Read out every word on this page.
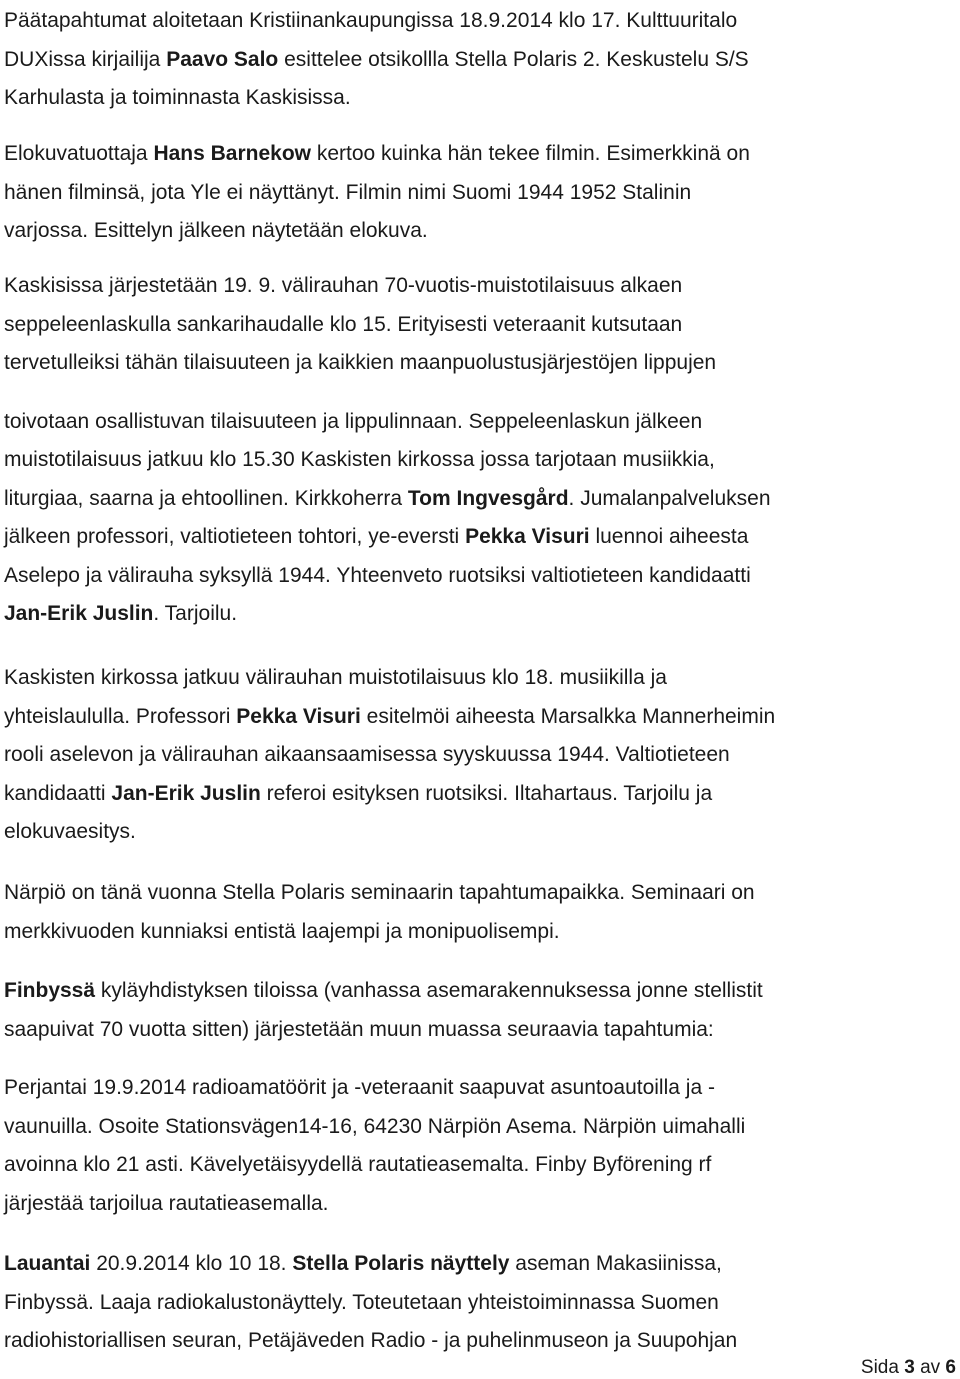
Päätapahtumat aloitetaan Kristiinankaupungissa 18.9.2014 klo 17. Kulttuuritalo
DUXissa kirjailija Paavo Salo esittelee otsikollla Stella Polaris 2. Keskustelu S/S
Karhulasta ja toiminnasta Kaskisissa.

Elokuvatuottaja Hans Barnekow kertoo kuinka hän tekee filmin. Esimerkkinä on
hänen filminsä, jota Yle ei näyttänyt. Filmin nimi Suomi 1944 1952 Stalinin
varjossa. Esittelyn jälkeen näytetään elokuva.

Kaskisissa järjestetään 19. 9. välirauhan 70-vuotis-muistotilaisuus alkaen
seppeleenlaskulla sankarihaudalle klo 15. Erityisesti veteraanit kutsutaan
tervetulleiksi tähän tilaisuuteen ja kaikkien maanpuolustusjärjestöjen lippujen
toivotaan osallistuvan tilaisuuteen ja lippulinnaan. Seppeleenlaskun jälkeen
muistotilaisuus jatkuu klo 15.30 Kaskisten kirkossa jossa tarjotaan musiikkia,
liturgiaa, saarna ja ehtoollinen. Kirkkoherra Tom Ingvesgård. Jumalanpalveluksen
jälkeen professori, valtiotieteen tohtori, ye-eversti Pekka Visuri luennoi aiheesta
Aselepo ja välirauha syksyllä 1944. Yhteenveto ruotsiksi valtiotieteen kandidaatti
Jan-Erik Juslin. Tarjoilu.

Kaskisten kirkossa jatkuu välirauhan muistotilaisuus klo 18. musiikilla ja
yhteislaululla. Professori Pekka Visuri esitelmöi aiheesta Marsalkka Mannerheimin
rooli aselevon ja välirauhan aikaansaamisessa syyskuussa 1944. Valtiotieteen
kandidaatti Jan-Erik Juslin referoi esityksen ruotsiksi. Iltahartaus. Tarjoilu ja
elokuvaesitys.

Närpiö on tänä vuonna Stella Polaris seminaarin tapahtumapaikka. Seminaari on
merkkivuoden kunniaksi entistä laajempi ja monipuolisempi.

Finbyssä kyläyhdistyksen tiloissa (vanhassa asemarakennuksessa jonne stellistit
saapuivat 70 vuotta sitten) järjestetään muun muassa seuraavia tapahtumia:

Perjantai 19.9.2014 radioamatöörit ja -veteraanit saapuvat asuntoautoilla ja -
vaunuilla. Osoite Stationsvägen14-16, 64230 Närpiön Asema. Närpiön uimahalli
avoinna klo 21 asti. Kävelyetäisyydellä rautatieasemalta. Finby Byförening rf
järjestää tarjoilua rautatieasemalla.

Lauantai 20.9.2014 klo 10 18. Stella Polaris näyttely aseman Makasiinissa,
Finbyssä. Laaja radiokalustonäyttely. Toteutetaan yhteistoiminnassa Suomen
radiohistoriallisen seuran, Petäjäveden Radio - ja puhelinmuseon ja Suupohjan

Sida 3 av 6
